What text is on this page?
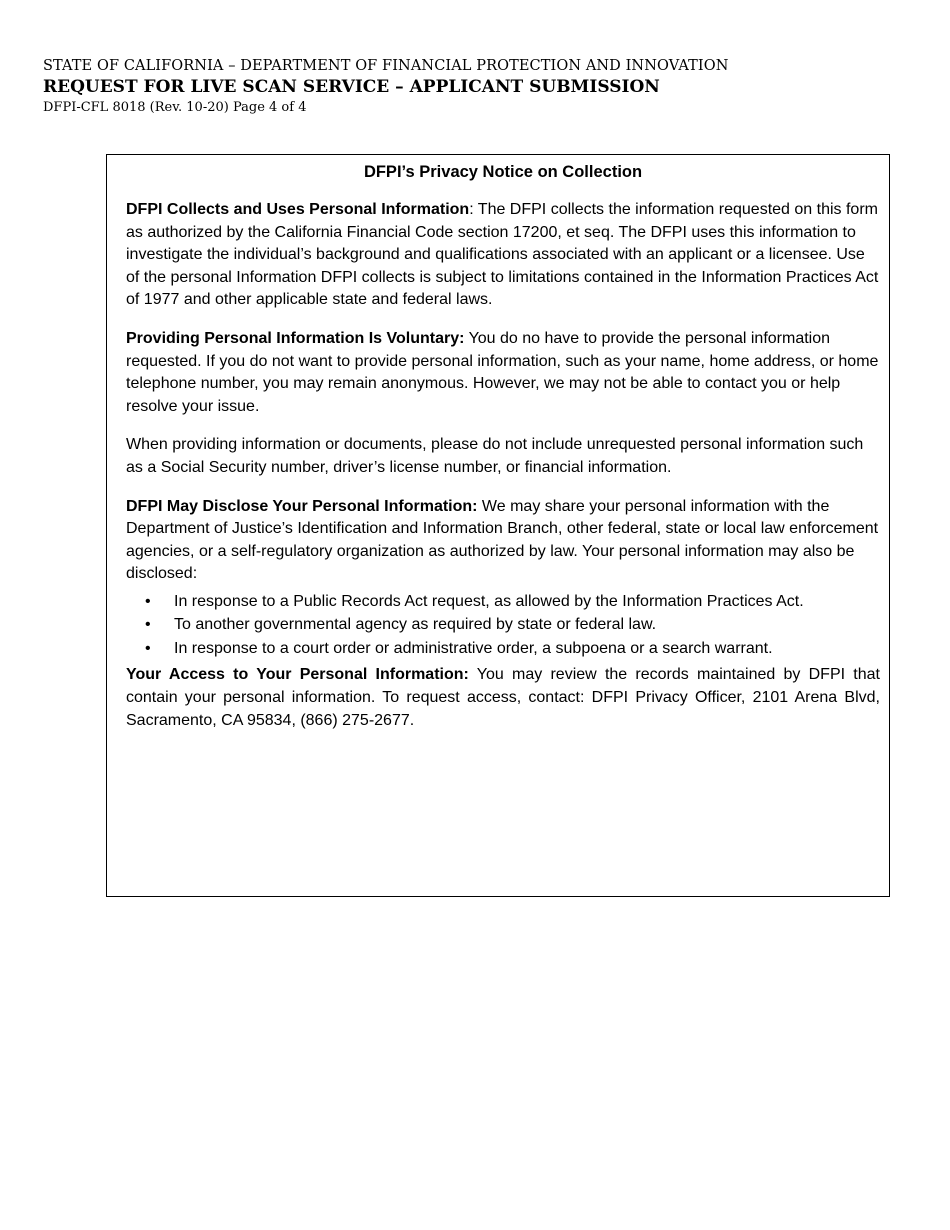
STATE OF CALIFORNIA – DEPARTMENT OF FINANCIAL PROTECTION AND INNOVATION
REQUEST FOR LIVE SCAN SERVICE – APPLICANT SUBMISSION
DFPI-CFL 8018 (Rev. 10-20) Page 4 of 4
DFPI’s Privacy Notice on Collection

DFPI Collects and Uses Personal Information: The DFPI collects the information requested on this form as authorized by the California Financial Code section 17200, et seq. The DFPI uses this information to investigate the individual’s background and qualifications associated with an applicant or a licensee. Use of the personal Information DFPI collects is subject to limitations contained in the Information Practices Act of 1977 and other applicable state and federal laws.

Providing Personal Information Is Voluntary: You do no have to provide the personal information requested. If you do not want to provide personal information, such as your name, home address, or home telephone number, you may remain anonymous. However, we may not be able to contact you or help resolve your issue.

When providing information or documents, please do not include unrequested personal information such as a Social Security number, driver’s license number, or financial information.

DFPI May Disclose Your Personal Information: We may share your personal information with the Department of Justice’s Identification and Information Branch, other federal, state or local law enforcement agencies, or a self-regulatory organization as authorized by law. Your personal information may also be disclosed:

• In response to a Public Records Act request, as allowed by the Information Practices Act.
• To another governmental agency as required by state or federal law.
• In response to a court order or administrative order, a subpoena or a search warrant.

Your Access to Your Personal Information: You may review the records maintained by DFPI that contain your personal information. To request access, contact: DFPI Privacy Officer, 2101 Arena Blvd, Sacramento, CA 95834, (866) 275-2677.
